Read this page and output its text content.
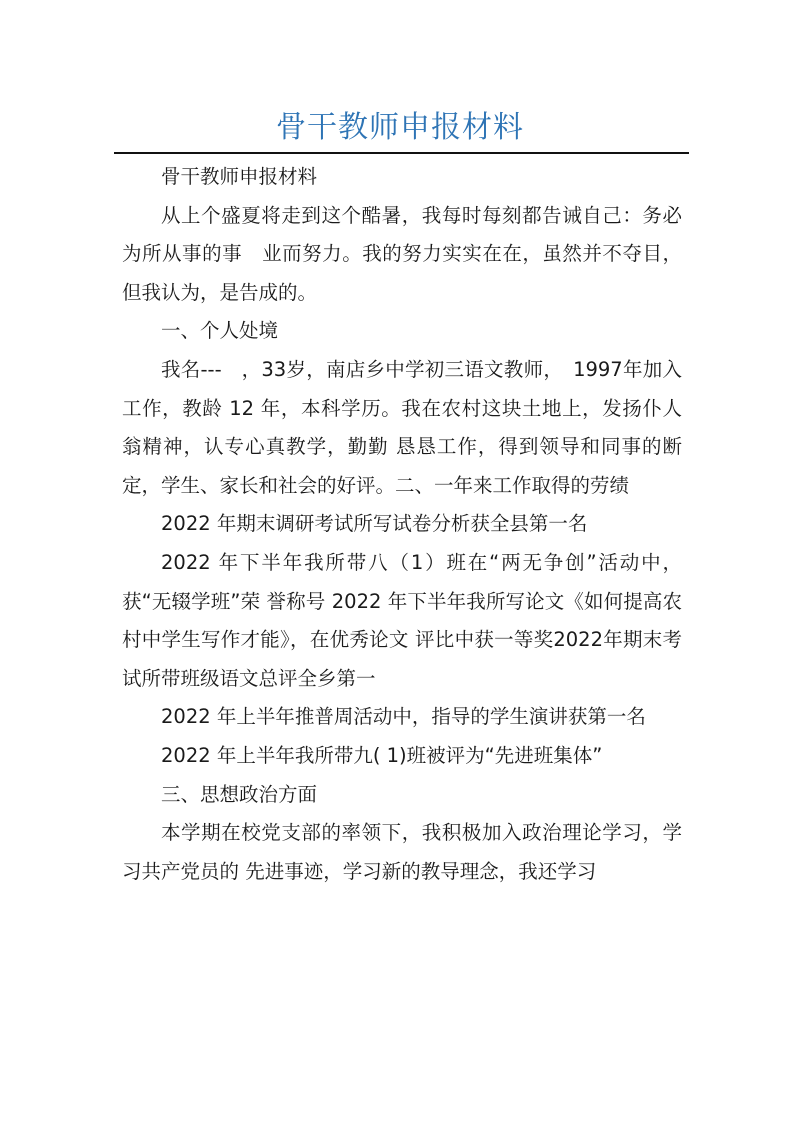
骨干教师申报材料

骨干教师申报材料

从上个盛夏将走到这个酷暑，我每时每刻都告诫自己：务必为所从事的事　业而努力。我的努力实实在在，虽然并不夺目，但我认为，是告成的。

一、个人处境

我名---　，33岁，南店乡中学初三语文教师，　1997年加入工作，教龄 12 年，本科学历。我在农村这块土地上，发扬仆人翁精神，认专心真教学，勤勤 恳恳工作，得到领导和同事的断定，学生、家长和社会的好评。二、一年来工作取得的劳绩

2022 年期末调研考试所写试卷分析获全县第一名

2022 年下半年我所带八（1）班在“两无争创”活动中，获“无辍学班”荣 誉称号 2022 年下半年我所写论文《如何提高农村中学生写作才能》，在优秀论文 评比中获一等奖2022年期末考试所带班级语文总评全乡第一

2022 年上半年推普周活动中，指导的学生演讲获第一名

2022 年上半年我所带九( 1)班被评为“先进班集体”

三、思想政治方面

本学期在校党支部的率领下，我积极加入政治理论学习，学习共产党员的 先进事迹，学习新的教导理念，我还学习
